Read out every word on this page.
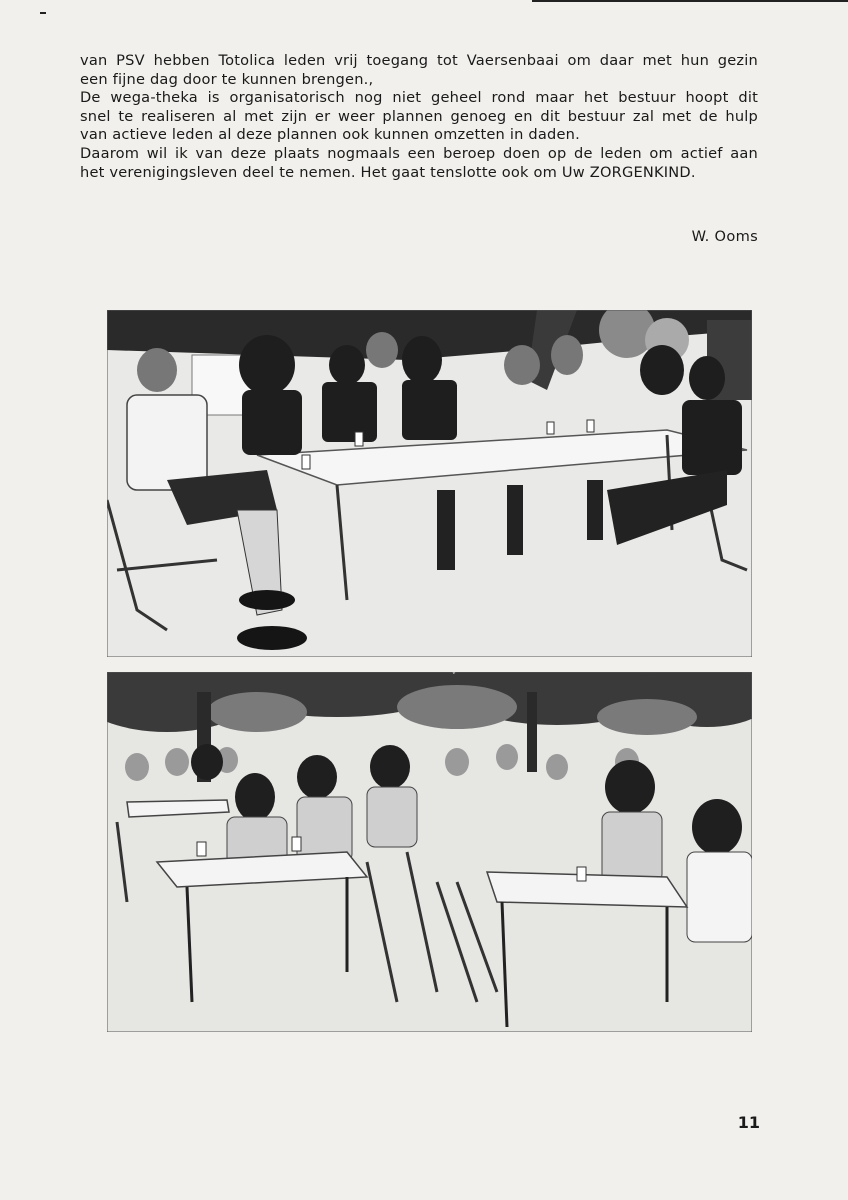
van PSV hebben Totolica leden vrij toegang tot Vaersenbaai om daar met hun gezin

een fijne dag door te kunnen brengen.,

De wega-theka is organisatorisch nog niet geheel rond maar het bestuur hoopt dit

snel te realiseren al met zijn er weer plannen genoeg en dit bestuur zal met de hulp

van actieve leden al deze plannen ook kunnen omzetten in daden.

Daarom wil ik van deze plaats nogmaals een beroep doen op de leden om actief aan

het verenigingsleven deel te nemen. Het gaat tenslotte ook om Uw ZORGENKIND.

W. Ooms
11
